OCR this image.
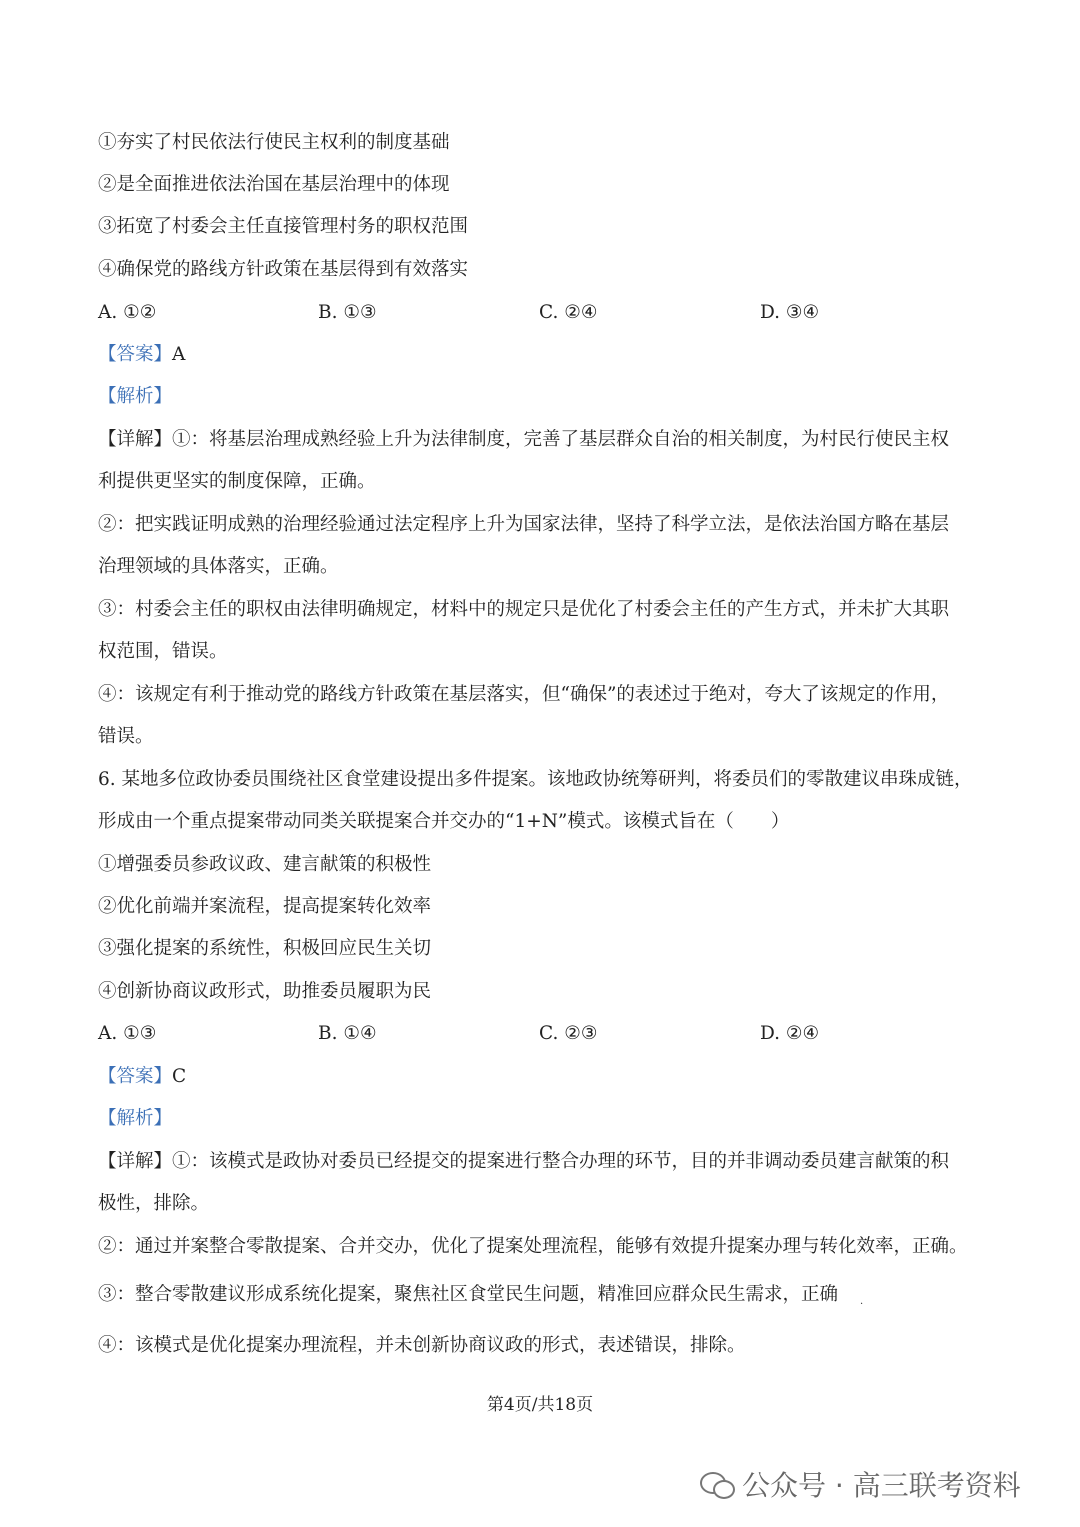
①夯实了村民依法行使民主权利的制度基础
②是全面推进依法治国在基层治理中的体现
③拓宽了村委会主任直接管理村务的职权范围
④确保党的路线方针政策在基层得到有效落实
A. ①②	B. ①③	C. ②④	D. ③④
【答案】A
【解析】
【详解】①：将基层治理成熟经验上升为法律制度，完善了基层群众自治的相关制度，为村民行使民主权
利提供更坚实的制度保障，正确。
②：把实践证明成熟的治理经验通过法定程序上升为国家法律，坚持了科学立法，是依法治国方略在基层
治理领域的具体落实，正确。
③：村委会主任的职权由法律明确规定，材料中的规定只是优化了村委会主任的产生方式，并未扩大其职
权范围，错误。
④：该规定有利于推动党的路线方针政策在基层落实，但“确保”的表述过于绝对，夸大了该规定的作用，
错误。
6. 某地多位政协委员围绕社区食堂建设提出多件提案。该地政协统筹研判，将委员们的零散建议串珠成链，
形成由一个重点提案带动同类关联提案合并交办的“1+N”模式。该模式旨在（　　）
①增强委员参政议政、建言献策的积极性
②优化前端并案流程，提高提案转化效率
③强化提案的系统性，积极回应民生关切
④创新协商议政形式，助推委员履职为民
A. ①③	B. ①④	C. ②③	D. ②④
【答案】C
【解析】
【详解】①：该模式是政协对委员已经提交的提案进行整合办理的环节，目的并非调动委员建言献策的积
极性，排除。
②：通过并案整合零散提案、合并交办，优化了提案处理流程，能够有效提升提案办理与转化效率，正确。
③：整合零散建议形成系统化提案，聚焦社区食堂民生问题，精准回应群众民生需求，正确 .
④：该模式是优化提案办理流程，并未创新协商议政的形式，表述错误，排除。
第4页/共18页
公众号 · 高三联考资料
